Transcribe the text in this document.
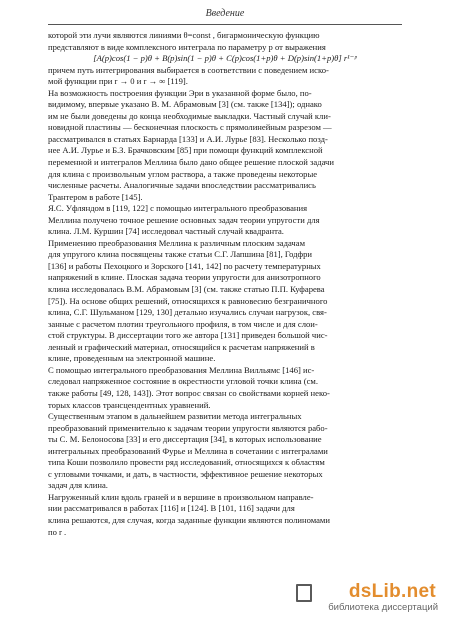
Введение
которой эти лучи являются линиями θ=const , бигармоническую функцию
представляют в виде комплексного интеграла по параметру p от выражения
[A(p)cos(1 − p)θ + B(p)sin(1 − p)θ + C(p)cos(1+p)θ + D(p)sin(1+p)θ] r¹⁻ᵖ
причем путь интегрирования выбирается в соответствии с поведением иско-
мой функции при r → 0 и r → ∞ [119].
На возможность построения функции Эри в указанной форме было, по-
видимому, впервые указано В. М. Абрамовым [3] (см. также [134]); однако
им не были доведены до конца необходимые выкладки. Частный случай кли-
новидной пластины — бесконечная плоскость с прямолинейным разрезом —
рассматривался в статьях Барнарда [133] и А.И. Лурье [83]. Несколько позд-
нее А.И. Лурье и Б.З. Брачковским [85] при помощи функций комплексной
переменной и интегралов Меллина было дано общее решение плоской задачи
для клина с произвольным углом раствора, а также проведены некоторые
численные расчеты. Аналогичные задачи впоследствии рассматривались
Трантером в работе [145].
Я.С. Уфляндом в [119, 122] с помощью интегрального преобразования
Меллина получено точное решение основных задач теории упругости для
клина. Л.М. Куршин [74] исследовал частный случай квадранта.
Применению преобразования Меллина к различным плоским задачам
для упругого клина посвящены также статьи С.Г. Лапшина [81], Годфри
[136] и работы Пехоцкого и Зорского [141, 142] по расчету температурных
напряжений в клине. Плоская задача теории упругости для анизотропного
клина исследовалась В.М. Абрамовым [3] (см. также статью П.П. Куфарева
[75]). На основе общих решений, относящихся к равновесию безграничного
клина, С.Г. Шульманом [129, 130] детально изучались случаи нагрузок, свя-
занные с расчетом плотин треугольного профиля, в том числе и для слои-
стой структуры. В диссертации того же автора [131] приведен большой чис-
ленный и графический материал, относящийся к расчетам напряжений в
клине, проведенным на электронной машине.
С помощью интегрального преобразования Меллина Вилльямс [146] ис-
следовал напряженное состояние в окрестности угловой точки клина (см.
также работы [49, 128, 143]). Этот вопрос связан со свойствами корней неко-
торых классов трансцендентных уравнений.
Существенным этапом в дальнейшем развитии метода интегральных
преобразований применительно к задачам теории упругости являются рабо-
ты С. М. Белоносова [33] и его диссертация [34], в которых использование
интегральных преобразований Фурье и Меллина в сочетании с интегралами
типа Коши позволило провести ряд исследований, относящихся к областям
с угловыми точками, и дать, в частности, эффективное решение некоторых
задач для клина.
Нагруженный клин вдоль граней и в вершине в произвольном направле-
нии рассматривался в работах [116] и [124]. В [101, 116] задачи для
клина решаются, для случая, когда заданные функции являются полиномами
по r .
dsLib.net
библиотека диссертаций
